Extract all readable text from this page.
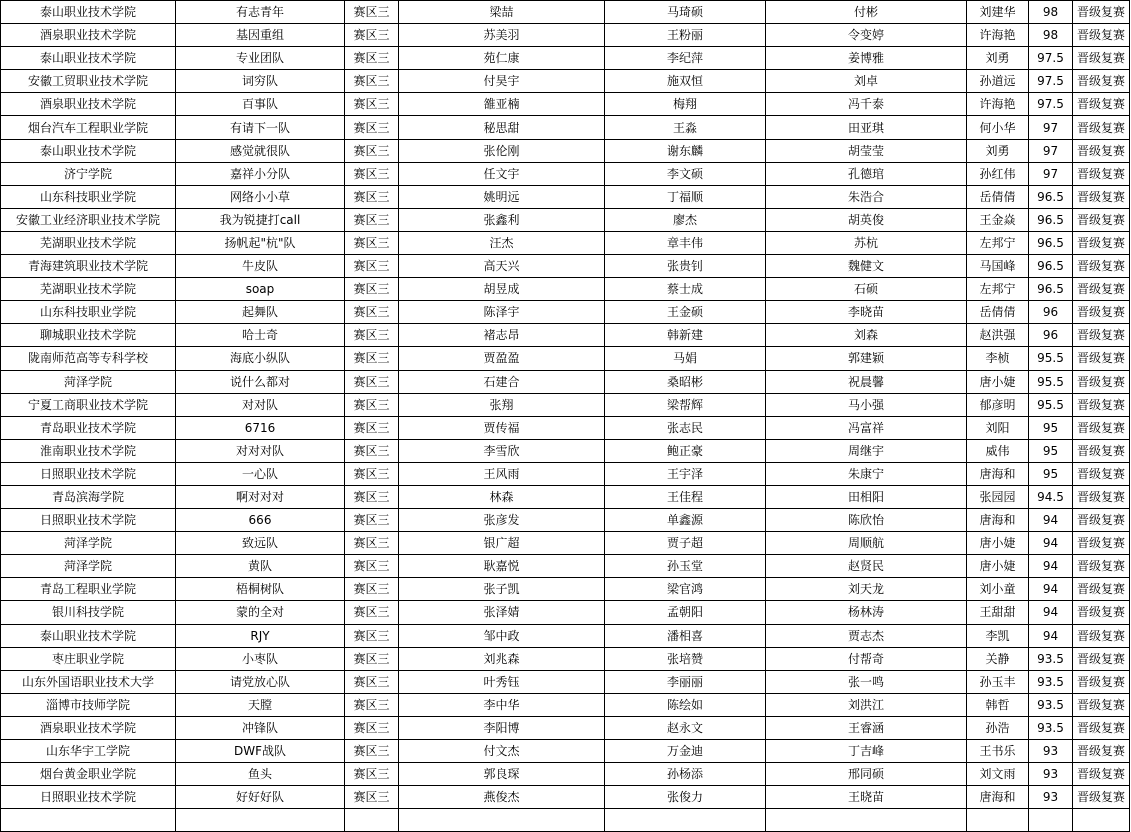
泰山职业技术学院	有志青年	赛区三	梁喆	马琦硕	付彬	刘建华	98	晋级复赛
酒泉职业技术学院	基因重组	赛区三	苏美羽	王粉丽	令变婷	许海艳	98	晋级复赛
泰山职业技术学院	专业团队	赛区三	苑仁康	李纪萍	姜博雅	刘勇	97.5	晋级复赛
安徽工贸职业技术学院	词穷队	赛区三	付昊宇	施双恒	刘卓	孙道远	97.5	晋级复赛
酒泉职业技术学院	百事队	赛区三	雒亚楠	梅翔	冯千泰	许海艳	97.5	晋级复赛
烟台汽车工程职业学院	有请下一队	赛区三	秘思甜	王淼	田亚琪	何小华	97	晋级复赛
泰山职业技术学院	感觉就很队	赛区三	张伦刚	谢东麟	胡莹莹	刘勇	97	晋级复赛
济宁学院	嘉祥小分队	赛区三	任文宇	李文硕	孔德琯	孙红伟	97	晋级复赛
山东科技职业学院	网络小小草	赛区三	姚明远	丁福顺	朱浩合	岳倩倩	96.5	晋级复赛
安徽工业经济职业技术学院	我为锐捷打call	赛区三	张鑫利	廖杰	胡英俊	王金焱	96.5	晋级复赛
芜湖职业技术学院	扬帆起"杭"队	赛区三	汪杰	章丰伟	苏杭	左邦宁	96.5	晋级复赛
青海建筑职业技术学院	牛皮队	赛区三	高天兴	张贵钊	魏健文	马国峰	96.5	晋级复赛
芜湖职业技术学院	soap	赛区三	胡昱成	蔡士成	石硕	左邦宁	96.5	晋级复赛
山东科技职业学院	起舞队	赛区三	陈泽宇	王金硕	李晓苗	岳倩倩	96	晋级复赛
聊城职业技术学院	哈士奇	赛区三	褚志昂	韩新建	刘森	赵洪强	96	晋级复赛
陇南师范高等专科学校	海底小纵队	赛区三	贾盈盈	马娟	郭建颖	李桢	95.5	晋级复赛
菏泽学院	说什么都对	赛区三	石建合	桑昭彬	祝晨馨	唐小婕	95.5	晋级复赛
宁夏工商职业技术学院	对对队	赛区三	张翔	梁帮辉	马小强	郁彦明	95.5	晋级复赛
青岛职业技术学院	6716	赛区三	贾传福	张志民	冯富祥	刘阳	95	晋级复赛
淮南职业技术学院	对对对队	赛区三	李雪欣	鲍正豪	周继宇	威伟	95	晋级复赛
日照职业技术学院	一心队	赛区三	王风雨	王宇泽	朱康宁	唐海和	95	晋级复赛
青岛滨海学院	啊对对对	赛区三	林森	王佳程	田相阳	张园园	94.5	晋级复赛
日照职业技术学院	666	赛区三	张彦发	单鑫源	陈欣怡	唐海和	94	晋级复赛
菏泽学院	致远队	赛区三	银广超	贾子超	周顺航	唐小婕	94	晋级复赛
菏泽学院	黄队	赛区三	耿嘉悦	孙玉堂	赵贤民	唐小婕	94	晋级复赛
青岛工程职业学院	梧桐树队	赛区三	张子凯	梁官鸿	刘天龙	刘小童	94	晋级复赛
银川科技学院	蒙的全对	赛区三	张泽婧	孟朝阳	杨林涛	王甜甜	94	晋级复赛
泰山职业技术学院	RJY	赛区三	邹中政	潘相喜	贾志杰	李凯	94	晋级复赛
枣庄职业学院	小枣队	赛区三	刘兆森	张培赞	付帮奇	关静	93.5	晋级复赛
山东外国语职业技术大学	请党放心队	赛区三	叶秀钰	李丽丽	张一鸣	孙玉丰	93.5	晋级复赛
淄博市技师学院	天膛	赛区三	李中华	陈绘如	刘洪江	韩哲	93.5	晋级复赛
酒泉职业技术学院	冲锋队	赛区三	李阳博	赵永文	王睿涵	孙浩	93.5	晋级复赛
山东华宇工学院	DWF战队	赛区三	付文杰	万金迪	丁吉峰	王书乐	93	晋级复赛
烟台黄金职业学院	鱼头	赛区三	郭良琛	孙杨添	邢同硕	刘文雨	93	晋级复赛
日照职业技术学院	好好好队	赛区三	燕俊杰	张俊力	王晓苗	唐海和	93	晋级复赛
